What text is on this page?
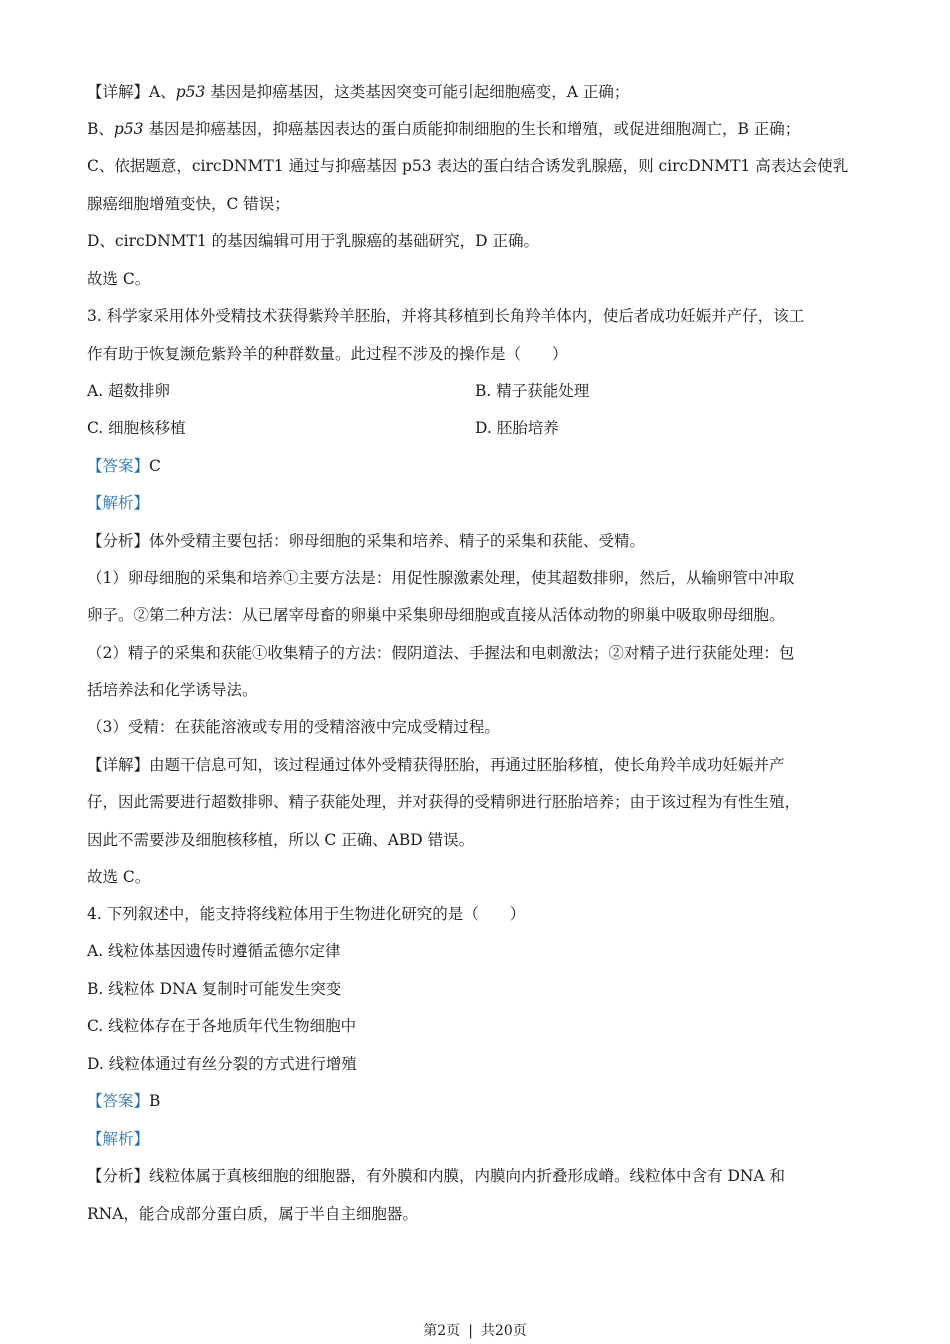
【详解】A、p53 基因是抑癌基因，这类基因突变可能引起细胞癌变，A 正确；
B、p53 基因是抑癌基因，抑癌基因表达的蛋白质能抑制细胞的生长和增殖，或促进细胞凋亡，B 正确；
C、依据题意，circDNMT1 通过与抑癌基因 p53 表达的蛋白结合诱发乳腺癌，则 circDNMT1 高表达会使乳
腺癌细胞增殖变快，C 错误；
D、circDNMT1 的基因编辑可用于乳腺癌的基础研究，D 正确。
故选 C。
3. 科学家采用体外受精技术获得紫羚羊胚胎，并将其移植到长角羚羊体内，使后者成功妊娠并产仔，该工
作有助于恢复濒危紫羚羊的种群数量。此过程不涉及的操作是（　　）
【答案】C
【解析】
【分析】体外受精主要包括：卵母细胞的采集和培养、精子的采集和获能、受精。
（1）卵母细胞的采集和培养①主要方法是：用促性腺激素处理，使其超数排卵，然后，从输卵管中冲取
卵子。②第二种方法：从已屠宰母畜的卵巢中采集卵母细胞或直接从活体动物的卵巢中吸取卵母细胞。
（2）精子的采集和获能①收集精子的方法：假阴道法、手握法和电刺激法；②对精子进行获能处理：包
括培养法和化学诱导法。
（3）受精：在获能溶液或专用的受精溶液中完成受精过程。
【详解】由题干信息可知，该过程通过体外受精获得胚胎，再通过胚胎移植，使长角羚羊成功妊娠并产
仔，因此需要进行超数排卵、精子获能处理，并对获得的受精卵进行胚胎培养；由于该过程为有性生殖，
因此不需要涉及细胞核移植，所以 C 正确、ABD 错误。
故选 C。
4. 下列叙述中，能支持将线粒体用于生物进化研究的是（　　）
A. 线粒体基因遗传时遵循孟德尔定律
B. 线粒体 DNA 复制时可能发生突变
C. 线粒体存在于各地质年代生物细胞中
D. 线粒体通过有丝分裂的方式进行增殖
【答案】B
【解析】
【分析】线粒体属于真核细胞的细胞器，有外膜和内膜，内膜向内折叠形成嵴。线粒体中含有 DNA 和
RNA，能合成部分蛋白质，属于半自主细胞器。
A. 超数排卵	B. 精子获能处理
C. 细胞核移植	D. 胚胎培养
第2页 | 共20页
